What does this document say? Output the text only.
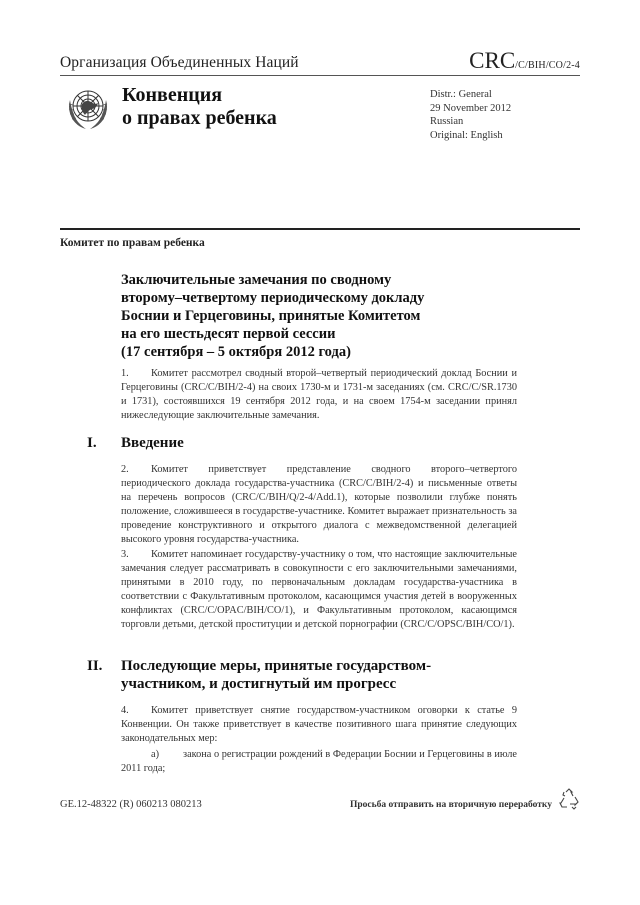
Организация Объединенных Наций	CRC/C/BIH/CO/2-4
Конвенция
о правах ребенка
Distr.: General
29 November 2012
Russian
Original: English
Комитет по правам ребенка
Заключительные замечания по сводному
второму–четвертому периодическому докладу
Боснии и Герцеговины, принятые Комитетом
на его шестьдесят первой сессии
(17 сентября – 5 октября 2012 года)
1. Комитет рассмотрел сводный второй–четвертый периодический доклад Боснии и Герцеговины (CRC/C/BIH/2-4) на своих 1730-м и 1731-м заседаниях (см. CRC/C/SR.1730 и 1731), состоявшихся 19 сентября 2012 года, и на своем 1754-м заседании принял нижеследующие заключительные замечания.
I. Введение
2. Комитет приветствует представление сводного второго–четвертого периодического доклада государства-участника (CRC/C/BIH/2-4) и письменные ответы на перечень вопросов (CRC/C/BIH/Q/2-4/Add.1), которые позволили глубже понять положение, сложившееся в государстве-участнике. Комитет выражает признательность за проведение конструктивного и открытого диалога с межведомственной делегацией высокого уровня государства-участника.
3. Комитет напоминает государству-участнику о том, что настоящие заключительные замечания следует рассматривать в совокупности с его заключительными замечаниями, принятыми в 2010 году, по первоначальным докладам государства-участника в соответствии с Факультативным протоколом, касающимся участия детей в вооруженных конфликтах (CRC/C/OPAC/BIH/CO/1), и Факультативным протоколом, касающимся торговли детьми, детской проституции и детской порнографии (CRC/C/OPSC/BIH/CO/1).
II. Последующие меры, принятые государством-участником, и достигнутый им прогресс
4. Комитет приветствует снятие государством-участником оговорки к статье 9 Конвенции. Он также приветствует в качестве позитивного шага принятие следующих законодательных мер:
a) закона о регистрации рождений в Федерации Боснии и Герцеговины в июле 2011 года;
GE.12-48322 (R) 060213 080213	Просьба отправить на вторичную переработку
